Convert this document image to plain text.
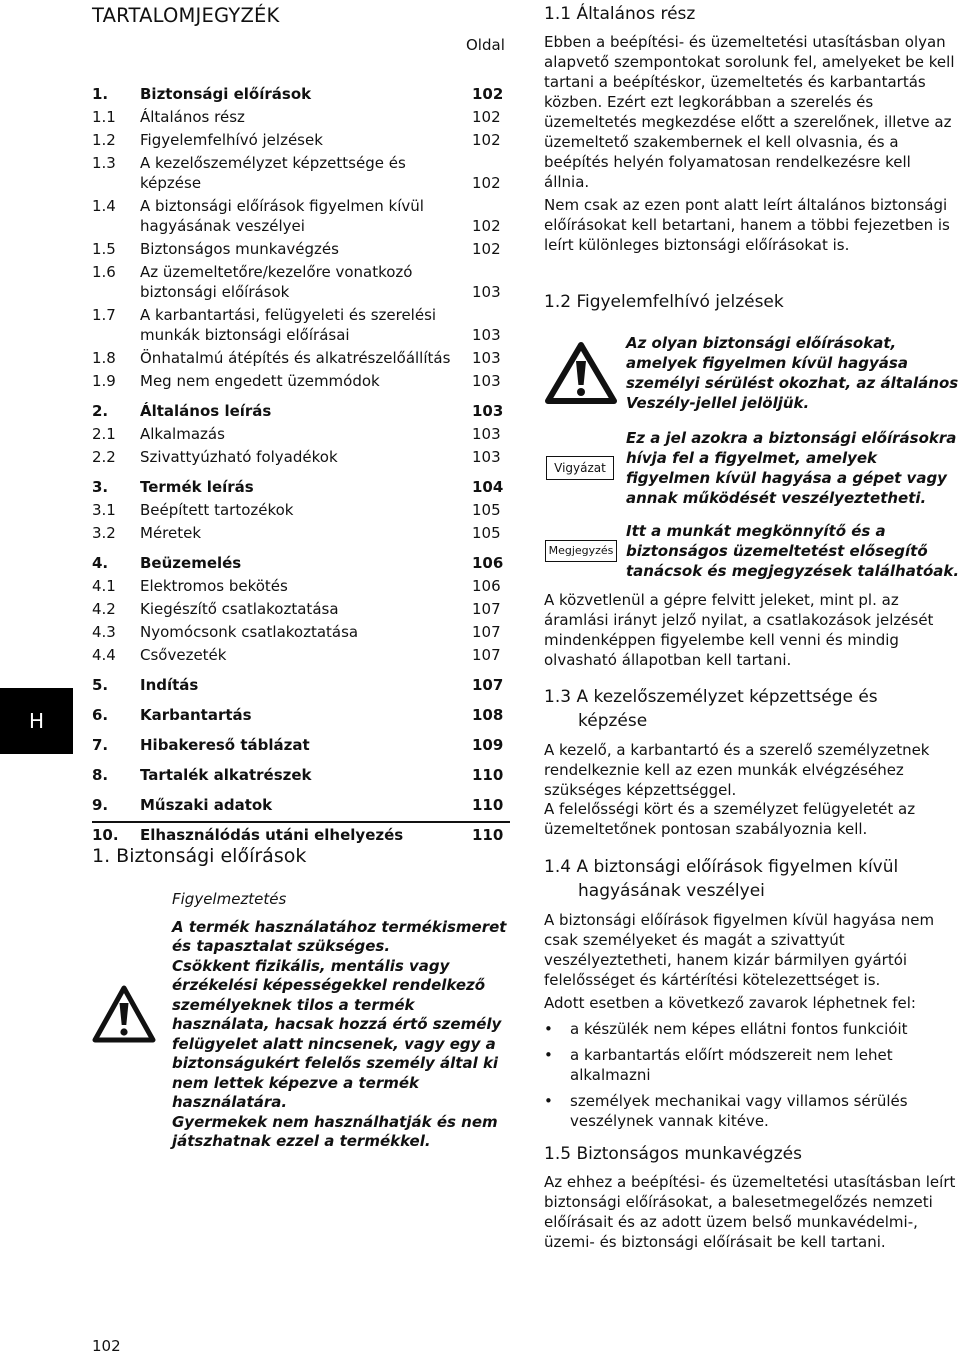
TARTALOMJEGYZÉK
Oldal
1.	Biztonsági előírások	102
1.1	Általános rész	102
1.2	Figyelemfelhívó jelzések	102
1.3	A kezelőszemélyzet képzettsége és
képzése	102
1.4	A biztonsági előírások figyelmen kívül
hagyásának veszélyei	102
1.5	Biztonságos munkavégzés	102
1.6	Az üzemeltetőre/kezelőre vonatkozó
biztonsági előírások	103
1.7	A karbantartási, felügyeleti és szerelési
munkák biztonsági előírásai	103
1.8	Önhatalmú átépítés és alkatrészelőállítás	103
1.9	Meg nem engedett üzemmódok	103
2.	Általános leírás	103
2.1	Alkalmazás	103
2.2	Szivattyúzható folyadékok	103
3.	Termék leírás	104
3.1	Beépített tartozékok	105
3.2	Méretek	105
4.	Beüzemelés	106
4.1	Elektromos bekötés	106
4.2	Kiegészítő csatlakoztatása	107
4.3	Nyomócsonk csatlakoztatása	107
4.4	Csővezeték	107
5.	Indítás	107
6.	Karbantartás	108
7.	Hibakereső táblázat	109
8.	Tartalék alkatrészek	110
9.	Műszaki adatok	110
10.	Elhasználódás utáni elhelyezés	110
1. Biztonsági előírások
Figyelmeztetés
A termék használatához termékismeret és tapasztalat szükséges.
Csökkent fizikális, mentális vagy érzékelési képességekkel rendelkező személyeknek tilos a termék használata, hacsak hozzá értő személy felügyelet alatt nincsenek, vagy egy a biztonságukért felelős személy által ki nem lettek képezve a termék használatára.
Gyermekek nem használhatják és nem játszhatnak ezzel a termékkel.
H
102
1.1 Általános rész
Ebben a beépítési- és üzemeltetési utasításban olyan alapvető szempontokat sorolunk fel, amelyeket be kell tartani a beépítéskor, üzemeltetés és karbantartás közben. Ezért ezt legkorábban a szerelés és üzemeltetés megkezdése előtt a szerelőnek, illetve az üzemeltető szakembernek el kell olvasnia, és a beépítés helyén folyamatosan rendelkezésre kell állnia.
Nem csak az ezen pont alatt leírt általános biztonsági előírásokat kell betartani, hanem a többi fejezetben is leírt különleges biztonsági előírásokat is.
1.2 Figyelemfelhívó jelzések
Az olyan biztonsági előírásokat, amelyek figyelmen kívül hagyása személyi sérülést okozhat, az általános Veszély-jellel jelöljük.
Vigyázat
Ez a jel azokra a biztonsági előírásokra hívja fel a figyelmet, amelyek figyelmen kívül hagyása a gépet vagy annak működését veszélyeztetheti.
Megjegyzés
Itt a munkát megkönnyítő és a biztonságos üzemeltetést elősegítő tanácsok és megjegyzések találhatóak.
A közvetlenül a gépre felvitt jeleket, mint pl. az áramlási irányt jelző nyilat, a csatlakozások jelzését mindenképpen figyelembe kell venni és mindig olvasható állapotban kell tartani.
1.3 A kezelőszemélyzet képzettsége és
képzése
A kezelő, a karbantartó és a szerelő személyzetnek rendelkeznie kell az ezen munkák elvégzéséhez szükséges képzettséggel.
A felelősségi kört és a személyzet felügyeletét az üzemeltetőnek pontosan szabályoznia kell.
1.4 A biztonsági előírások figyelmen kívül
hagyásának veszélyei
A biztonsági előírások figyelmen kívül hagyása nem csak személyeket és magát a szivattyút veszélyeztetheti, hanem kizár bármilyen gyártói felelősséget és kártérítési kötelezettséget is.
Adott esetben a következő zavarok léphetnek fel:
• a készülék nem képes ellátni fontos funkcióit
• a karbantartás előírt módszereit nem lehet alkalmazni
• személyek mechanikai vagy villamos sérülés veszélynek vannak kitéve.
1.5 Biztonságos munkavégzés
Az ehhez a beépítési- és üzemeltetési utasításban leírt biztonsági előírásokat, a balesetmegelőzés nemzeti előírásait és az adott üzem belső munkavédelmi-, üzemi- és biztonsági előírásait be kell tartani.
